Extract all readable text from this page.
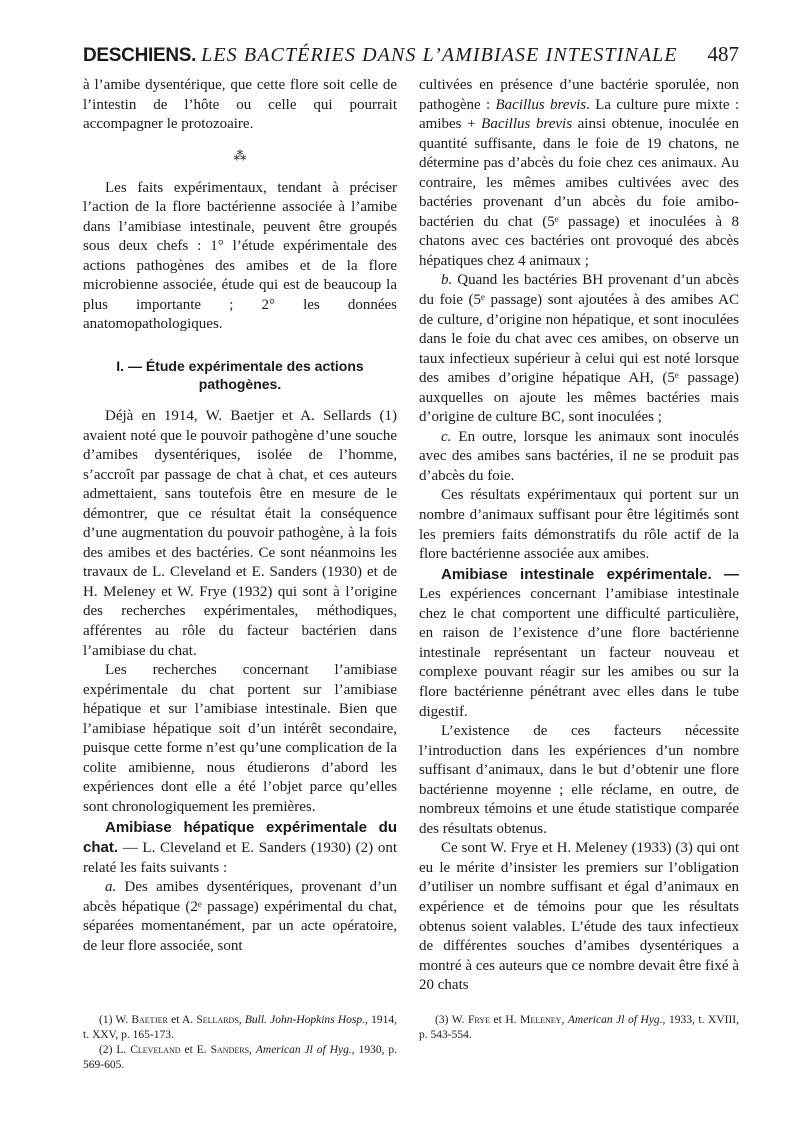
DESCHIENS. LES BACTÉRIES DANS L’AMIBIASE INTESTINALE	487

à l’amibe dysentérique, que cette flore soit celle de l’intestin de l’hôte ou celle qui pourrait accompagner le protozoaire.

⁂

Les faits expérimentaux, tendant à préciser l’action de la flore bactérienne associée à l’amibe dans l’amibiase intestinale, peuvent être groupés sous deux chefs : 1° l’étude expérimentale des actions pathogènes des amibes et de la flore microbienne associée, étude qui est de beaucoup la plus importante ; 2° les données anatomopathologiques.

I. — Étude expérimentale des actions pathogènes.

Déjà en 1914, W. Baetjer et A. Sellards (1) avaient noté que le pouvoir pathogène d’une souche d’amibes dysentériques, isolée de l’homme, s’accroît par passage de chat à chat, et ces auteurs admettaient, sans toutefois être en mesure de le démontrer, que ce résultat était la conséquence d’une augmentation du pouvoir pathogène, à la fois des amibes et des bactéries. Ce sont néanmoins les travaux de L. Cleveland et E. Sanders (1930) et de H. Meleney et W. Frye (1932) qui sont à l’origine des recherches expérimentales, méthodiques, afférentes au rôle du facteur bactérien dans l’amibiase du chat.

Les recherches concernant l’amibiase expérimentale du chat portent sur l’amibiase hépatique et sur l’amibiase intestinale. Bien que l’amibiase hépatique soit d’un intérêt secondaire, puisque cette forme n’est qu’une complication de la colite amibienne, nous étudierons d’abord les expériences dont elle a été l’objet parce qu’elles sont chronologiquement les premières.

Amibiase hépatique expérimentale du chat. — L. Cleveland et E. Sanders (1930) (2) ont relaté les faits suivants :

a. Des amibes dysentériques, provenant d’un abcès hépatique (2ᵉ passage) expérimental du chat, séparées momentanément, par un acte opératoire, de leur flore associée, sont

cultivées en présence d’une bactérie sporulée, non pathogène : Bacillus brevis. La culture pure mixte : amibes + Bacillus brevis ainsi obtenue, inoculée en quantité suffisante, dans le foie de 19 chatons, ne détermine pas d’abcès du foie chez ces animaux. Au contraire, les mêmes amibes cultivées avec des bactéries provenant d’un abcès du foie amibo-bactérien du chat (5ᵉ passage) et inoculées à 8 chatons avec ces bactéries ont provoqué des abcès hépatiques chez 4 animaux ;

b. Quand les bactéries BH provenant d’un abcès du foie (5ᵉ passage) sont ajoutées à des amibes AC de culture, d’origine non hépatique, et sont inoculées dans le foie du chat avec ces amibes, on observe un taux infectieux supérieur à celui qui est noté lorsque des amibes d’origine hépatique AH, (5ᵉ passage) auxquelles on ajoute les mêmes bactéries mais d’origine de culture BC, sont inoculées ;

c. En outre, lorsque les animaux sont inoculés avec des amibes sans bactéries, il ne se produit pas d’abcès du foie.

Ces résultats expérimentaux qui portent sur un nombre d’animaux suffisant pour être légitimés sont les premiers faits démonstratifs du rôle actif de la flore bactérienne associée aux amibes.

Amibiase intestinale expérimentale. — Les expériences concernant l’amibiase intestinale chez le chat comportent une difficulté particulière, en raison de l’existence d’une flore bactérienne intestinale représentant un facteur nouveau et complexe pouvant réagir sur les amibes ou sur la flore bactérienne pénétrant avec elles dans le tube digestif.

L’existence de ces facteurs nécessite l’introduction dans les expériences d’un nombre suffisant d’animaux, dans le but d’obtenir une flore bactérienne moyenne ; elle réclame, en outre, de nombreux témoins et une étude statistique comparée des résultats obtenus.

Ce sont W. Frye et H. Meleney (1933) (3) qui ont eu le mérite d’insister les premiers sur l’obligation d’utiliser un nombre suffisant et égal d’animaux en expérience et de témoins pour que les résultats obtenus soient valables. L’étude des taux infectieux de différentes souches d’amibes dysentériques a montré à ces auteurs que ce nombre devait être fixé à 20 chats

(1) W. Baetjer et A. Sellards, Bull. John-Hopkins Hosp., 1914, t. XXV, p. 165-173.

(2) L. Cleveland et E. Sanders, American Jl of Hyg., 1930, p. 569-605.

(3) W. Frye et H. Meleney, American Jl of Hyg., 1933, t. XVIII, p. 543-554.
